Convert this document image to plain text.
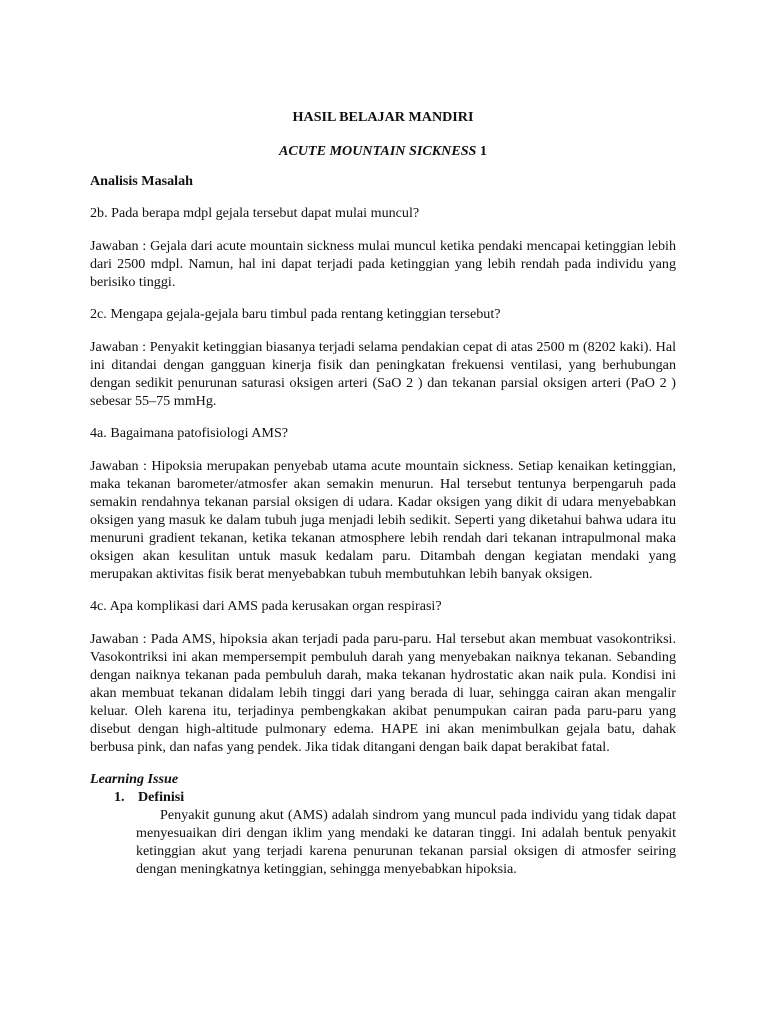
HASIL BELAJAR MANDIRI

ACUTE MOUNTAIN SICKNESS 1

Analisis Masalah

2b. Pada berapa mdpl gejala tersebut dapat mulai muncul?

Jawaban : Gejala dari acute mountain sickness mulai muncul ketika pendaki mencapai ketinggian lebih dari 2500 mdpl. Namun, hal ini dapat terjadi pada ketinggian yang lebih rendah pada individu yang berisiko tinggi.

2c. Mengapa gejala-gejala baru timbul pada rentang ketinggian tersebut?

Jawaban : Penyakit ketinggian biasanya terjadi selama pendakian cepat di atas 2500 m (8202 kaki). Hal ini ditandai dengan gangguan kinerja fisik dan peningkatan frekuensi ventilasi, yang berhubungan dengan sedikit penurunan saturasi oksigen arteri (SaO 2 ) dan tekanan parsial oksigen arteri (PaO 2 ) sebesar 55–75 mmHg.

4a. Bagaimana patofisiologi AMS?

Jawaban : Hipoksia merupakan penyebab utama acute mountain sickness. Setiap kenaikan ketinggian, maka tekanan barometer/atmosfer akan semakin menurun. Hal tersebut tentunya berpengaruh pada semakin rendahnya tekanan parsial oksigen di udara. Kadar oksigen yang dikit di udara menyebabkan oksigen yang masuk ke dalam tubuh juga menjadi lebih sedikit. Seperti yang diketahui bahwa udara itu menuruni gradient tekanan, ketika tekanan atmosphere lebih rendah dari tekanan intrapulmonal maka oksigen akan kesulitan untuk masuk kedalam paru. Ditambah dengan kegiatan mendaki yang merupakan aktivitas fisik berat menyebabkan tubuh membutuhkan lebih banyak oksigen.

4c. Apa komplikasi dari AMS pada kerusakan organ respirasi?

Jawaban : Pada AMS, hipoksia akan terjadi pada paru-paru. Hal tersebut akan membuat vasokontriksi. Vasokontriksi ini akan mempersempit pembuluh darah yang menyebakan naiknya tekanan. Sebanding dengan naiknya tekanan pada pembuluh darah, maka tekanan hydrostatic akan naik pula. Kondisi ini akan membuat tekanan didalam lebih tinggi dari yang berada di luar, sehingga cairan akan mengalir keluar. Oleh karena itu, terjadinya pembengkakan akibat penumpukan cairan pada paru-paru yang disebut dengan high-altitude pulmonary edema. HAPE ini akan menimbulkan gejala batu, dahak berbusa pink, dan nafas yang pendek. Jika tidak ditangani dengan baik dapat berakibat fatal.

Learning Issue

1. Definisi

Penyakit gunung akut (AMS) adalah sindrom yang muncul pada individu yang tidak dapat menyesuaikan diri dengan iklim yang mendaki ke dataran tinggi. Ini adalah bentuk penyakit ketinggian akut yang terjadi karena penurunan tekanan parsial oksigen di atmosfer seiring dengan meningkatnya ketinggian, sehingga menyebabkan hipoksia.
